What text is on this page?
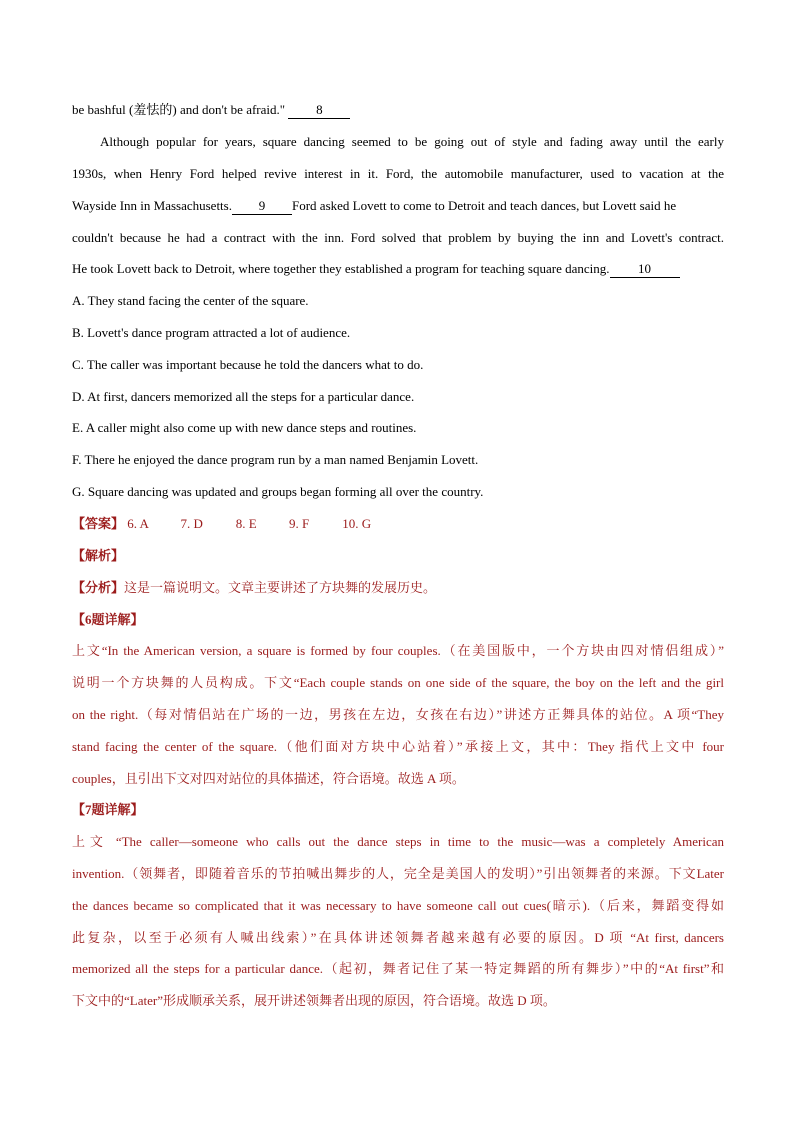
be bashful (羞怯的) and don't be afraid." 8
Although popular for years, square dancing seemed to be going out of style and fading away until the early
1930s, when Henry Ford helped revive interest in it. Ford, the automobile manufacturer, used to vacation at the
Wayside Inn in Massachusetts. 9 Ford asked Lovett to come to Detroit and teach dances, but Lovett said he
couldn't because he had a contract with the inn. Ford solved that problem by buying the inn and Lovett's contract.
He took Lovett back to Detroit, where together they established a program for teaching square dancing. 10
A. They stand facing the center of the square.
B. Lovett's dance program attracted a lot of audience.
C. The caller was important because he told the dancers what to do.
D. At first, dancers memorized all the steps for a particular dance.
E. A caller might also come up with new dance steps and routines.
F. There he enjoyed the dance program run by a man named Benjamin Lovett.
G. Square dancing was updated and groups began forming all over the country.
【答案】 6. A 7. D	8. E 9. F	10. G
【解析】
【分析】这是一篇说明文。文章主要讲述了方块舞的发展历史。
【6题详解】
上文“In the American version, a square is formed by four couples.（在美国版中，一个方块由四对情侣组成）”
说明一个方块舞的人员构成。下文“Each couple stands on one side of the square, the boy on the left and the girl
on the right.（每对情侣站在广场的一边，男孩在左边，女孩在右边）”讲述方正舞具体的站位。A 项“They
stand facing the center of the square.（他们面对方块中心站着）”承接上文，其中：They 指代上文中 four
couples，且引出下文对四对站位的具体描述，符合语境。故选 A 项。
【7题详解】
上文 “The caller—someone who calls out the dance steps in time to the music—was a completely American
invention.（领舞者，即随着音乐的节拍喊出舞步的人，完全是美国人的发明）”引出领舞者的来源。下文Later
the dances became so complicated that it was necessary to have someone call out cues(暗示).（后来，舞蹈变得如
此复杂，以至于必须有人喊出线索）”在具体讲述领舞者越来越有必要的原因。D 项 “At first, dancers
memorized all the steps for a particular dance.（起初，舞者记住了某一特定舞蹈的所有舞步）”中的“At first”和
下文中的“Later”形成顺承关系，展开讲述领舞者出现的原因，符合语境。故选 D 项。
